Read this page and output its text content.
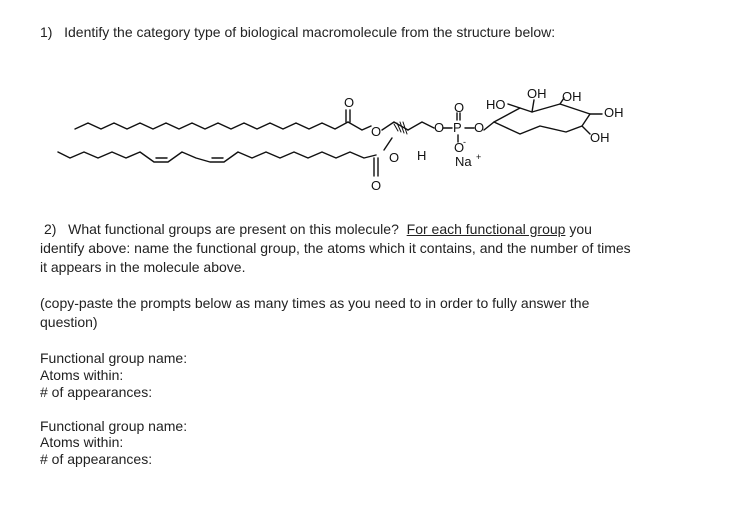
1) Identify the category type of biological macromolecule from the structure below:
O
O
O H
O
O P O
O
O
-
Na +
HO
OH OH
OH
OH
2) What functional groups are present on this molecule? For each functional group you
identify above: name the functional group, the atoms which it contains, and the number of times
it appears in the molecule above.
(copy-paste the prompts below as many times as you need to in order to fully answer the
question)
Functional group name:
Atoms within:
# of appearances:
Functional group name:
Atoms within:
# of appearances:
